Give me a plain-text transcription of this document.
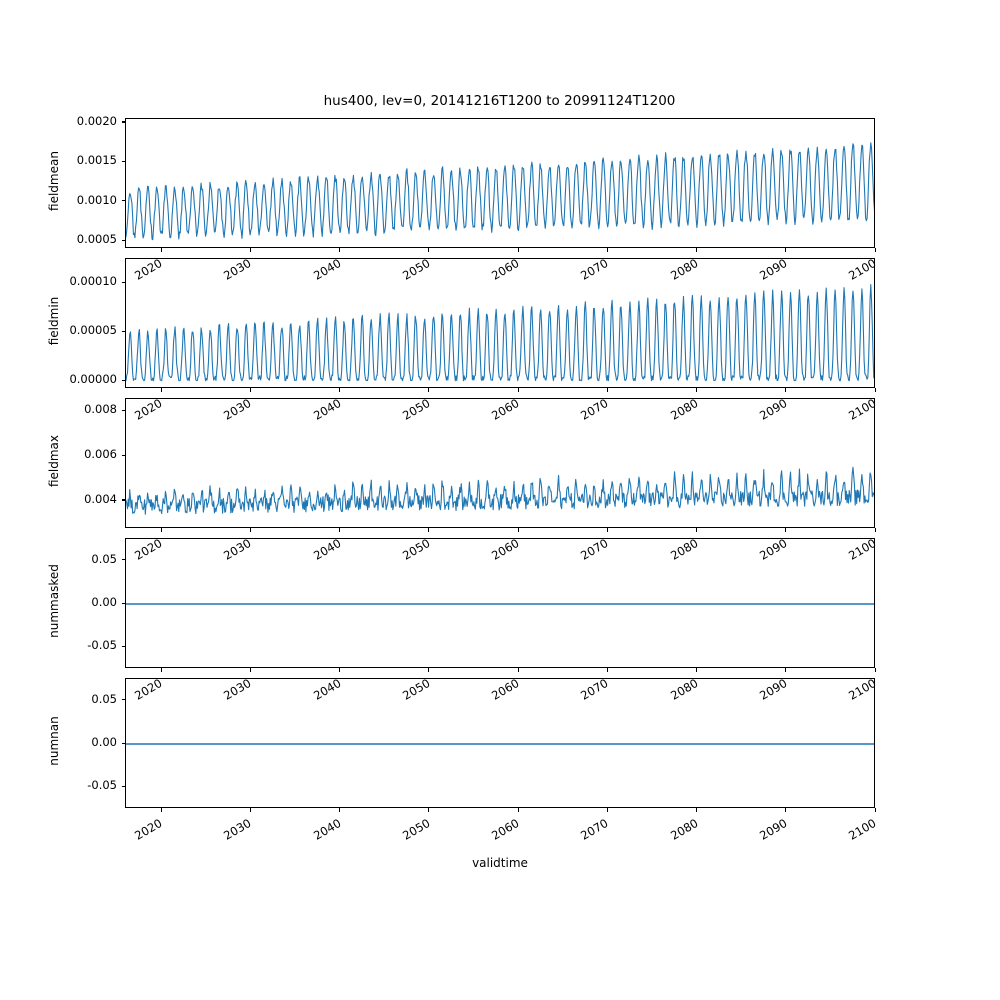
hus400, lev=0, 20141216T1200 to 20991124T1200
validtime
fieldmean
0.0005
0.0010
0.0015
0.0020
2020	2030	2040	2050	2060	2070	2080	2090	2100
fieldmin
0.00000
0.00005
0.00010
2020	2030	2040	2050	2060	2070	2080	2090	2100
fieldmax
0.004
0.006
0.008
2020	2030	2040	2050	2060	2070	2080	2090	2100
nummasked
-0.05
0.00
0.05
2020	2030	2040	2050	2060	2070	2080	2090	2100
numnan
-0.05
0.00
0.05
2020	2030	2040	2050	2060	2070	2080	2090	2100
